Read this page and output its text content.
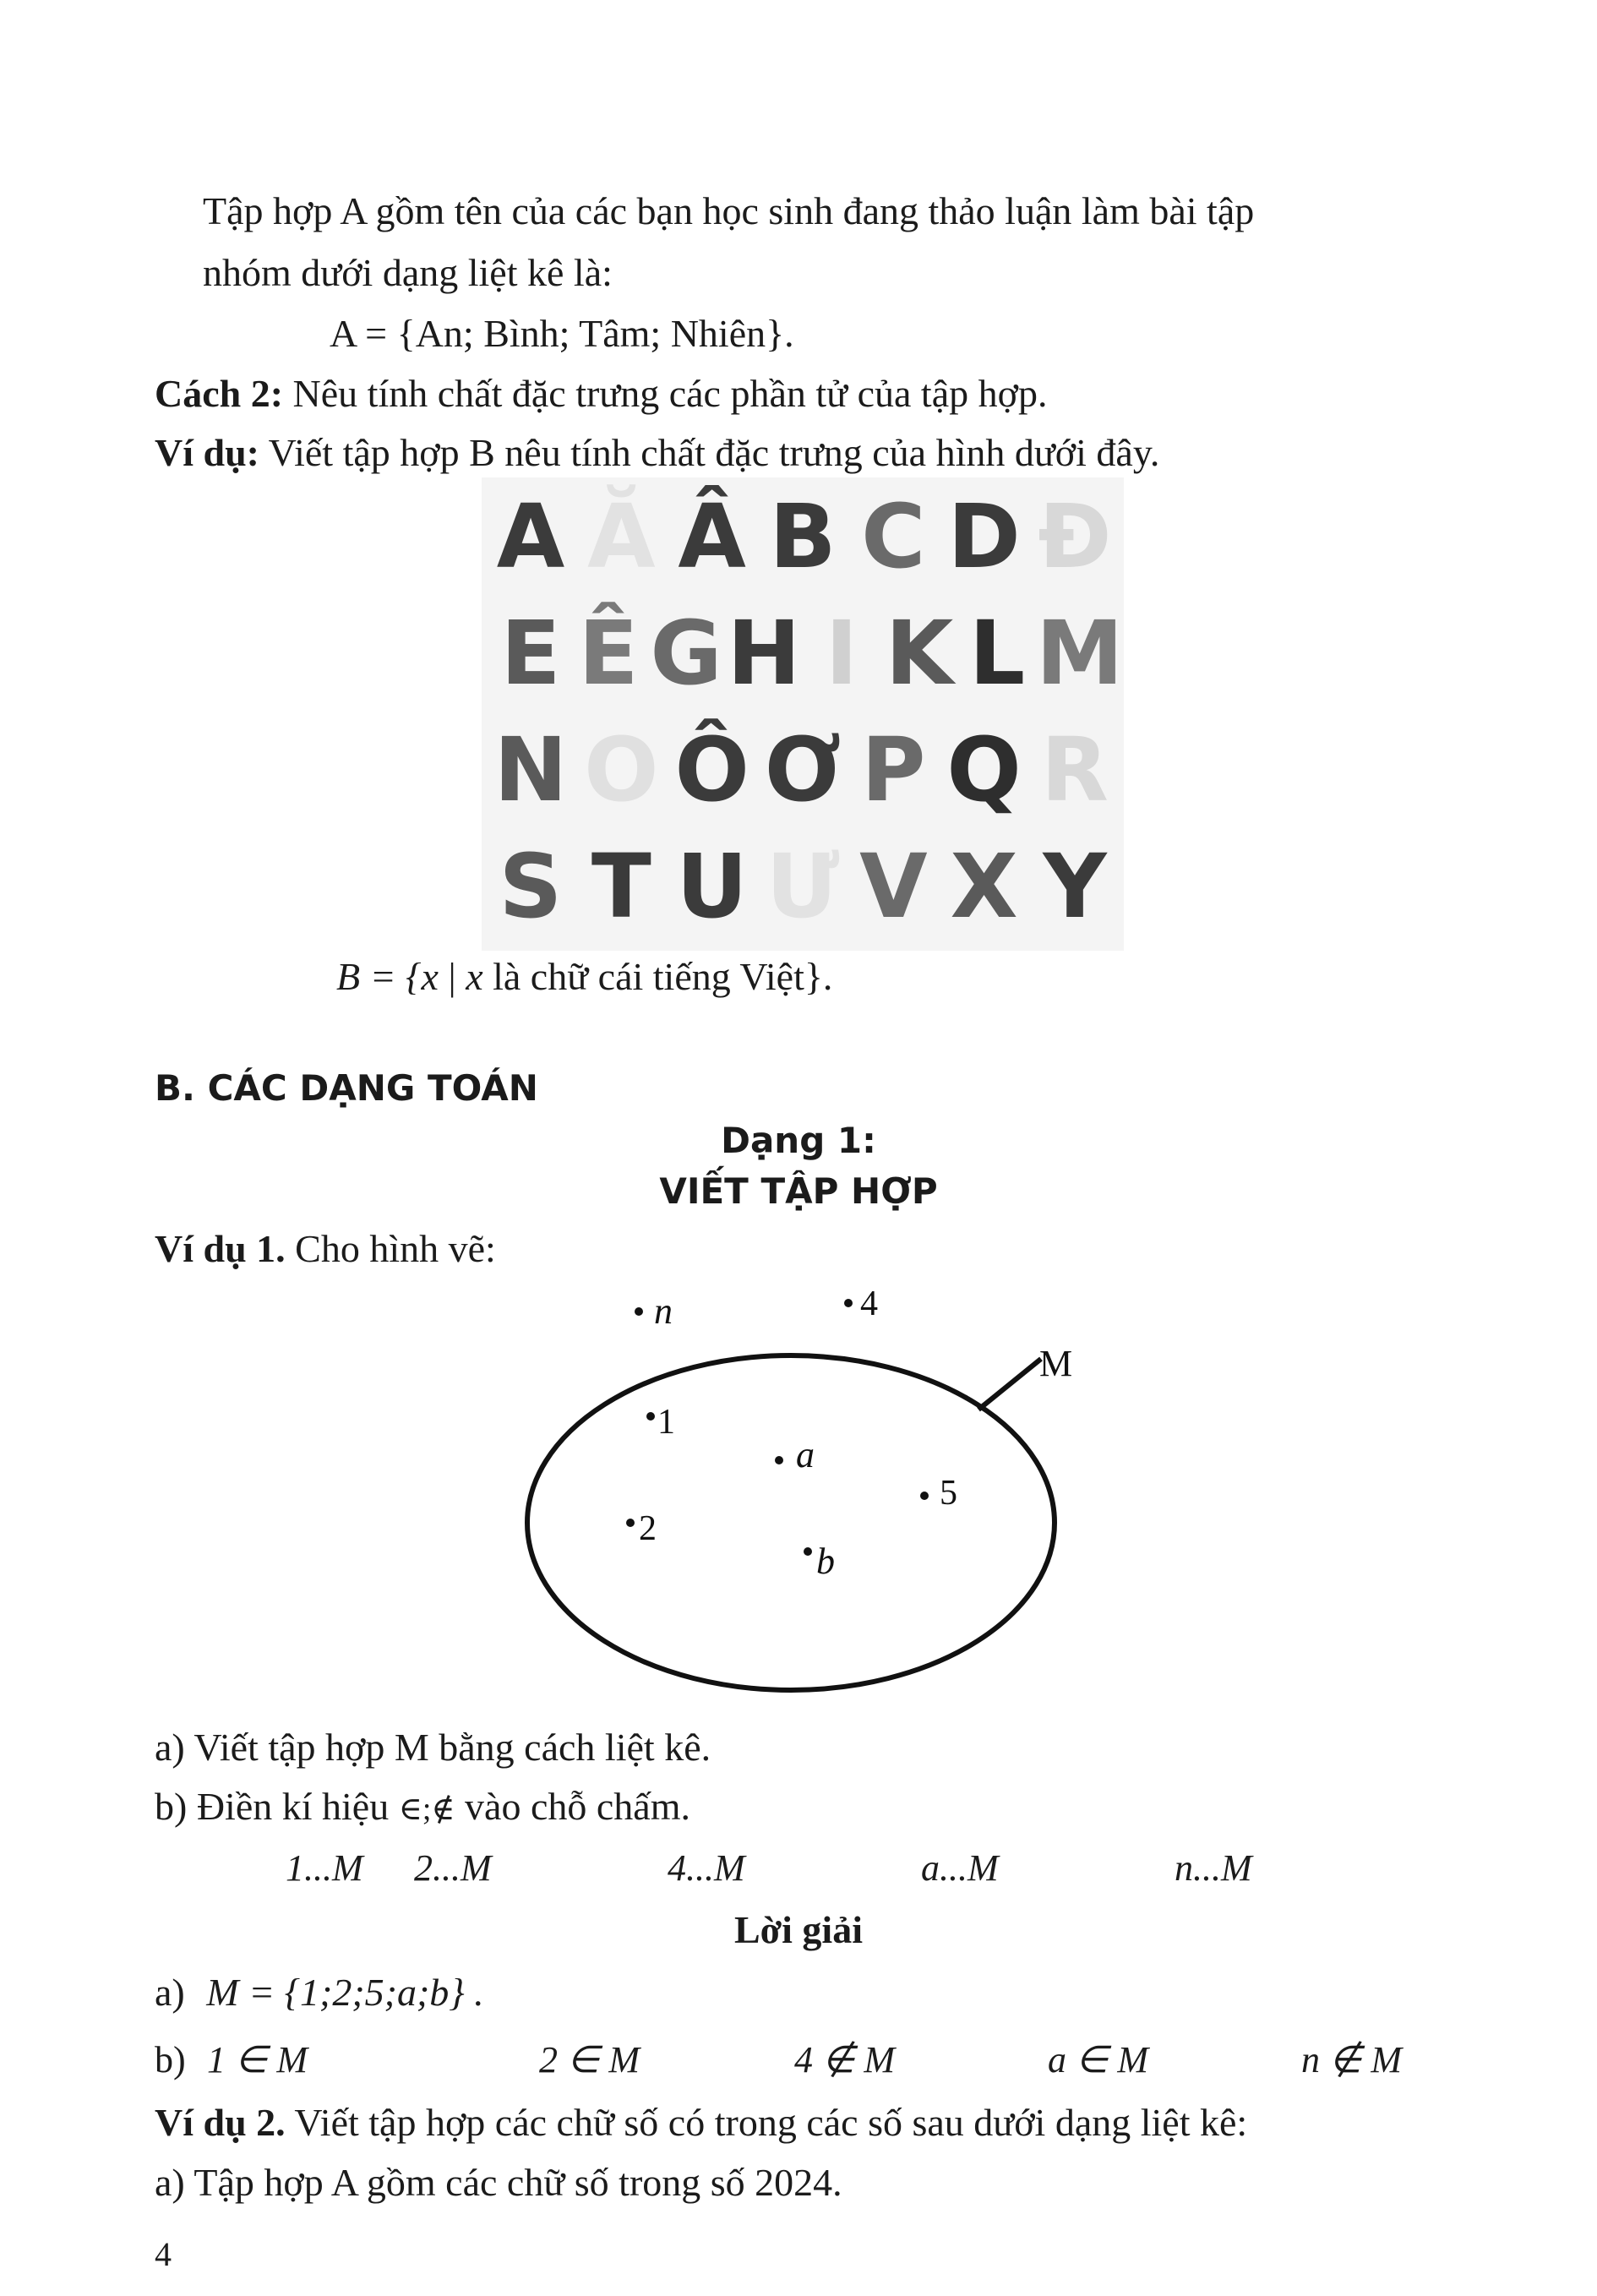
Tập hợp A gồm tên của các bạn học sinh đang thảo luận làm bài tập
nhóm dưới dạng liệt kê là:
A = {An; Bình; Tâm; Nhiên}.
Cách 2: Nêu tính chất đặc trưng các phần tử của tập hợp.
Ví dụ: Viết tập hợp B nêu tính chất đặc trưng của hình dưới đây.
A Ă Â B C D Đ
E Ê G H I K L M
N O Ô Ơ P Q R
S T U Ư V X Y
B = {x | x là chữ cái tiếng Việt}.
B. CÁC DẠNG TOÁN
Dạng 1:
VIẾT TẬP HỢP
Ví dụ 1. Cho hình vẽ:
M
n	4
1
a
5
2
b
a) Viết tập hợp M bằng cách liệt kê.
b) Điền kí hiệu ∈;∉ vào chỗ chấm.
1...M 2...M	4...M	a...M	n...M
Lời giải
a) M = {1;2;5;a;b} .
b) 1 ∈ M	2 ∈ M	4 ∉ M	a ∈ M	n ∉ M
Ví dụ 2. Viết tập hợp các chữ số có trong các số sau dưới dạng liệt kê:
a) Tập hợp A gồm các chữ số trong số 2024.
4
